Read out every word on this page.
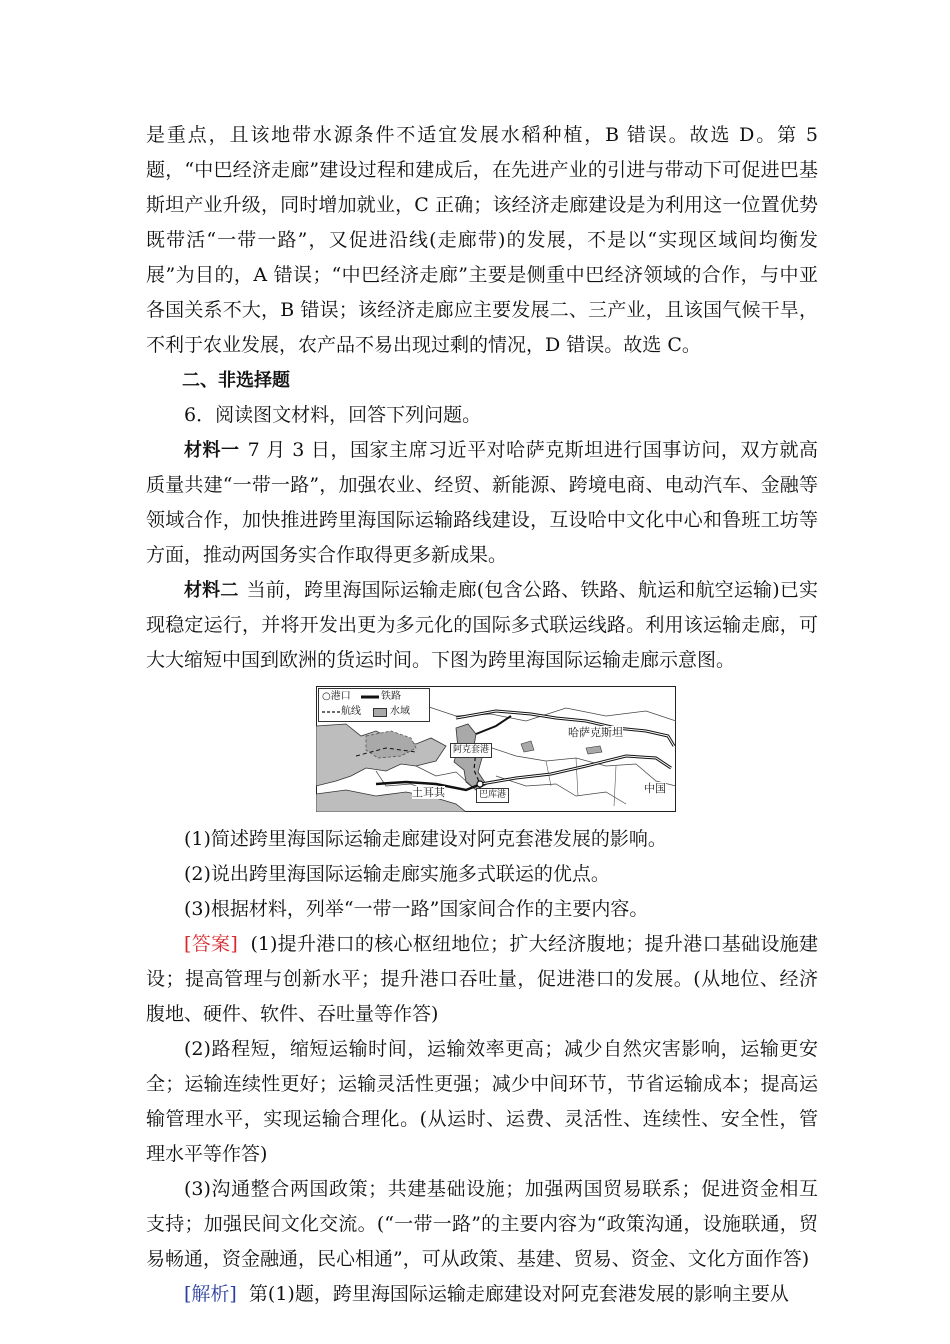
是重点，且该地带水源条件不适宜发展水稻种植，B 错误。故选 D。第 5 题，“中巴经济走廊”建设过程和建成后，在先进产业的引进与带动下可促进巴基斯坦产业升级，同时增加就业，C 正确；该经济走廊建设是为利用这一位置优势既带活“一带一路”，又促进沿线(走廊带)的发展，不是以“实现区域间均衡发展”为目的，A 错误；“中巴经济走廊”主要是侧重中巴经济领域的合作，与中亚各国关系不大，B 错误；该经济走廊应主要发展二、三产业，且该国气候干旱，不利于农业发展，农产品不易出现过剩的情况，D 错误。故选 C。

二、非选择题

6．阅读图文材料，回答下列问题。

材料一 7 月 3 日，国家主席习近平对哈萨克斯坦进行国事访问，双方就高质量共建“一带一路”，加强农业、经贸、新能源、跨境电商、电动汽车、金融等领域合作，加快推进跨里海国际运输路线建设，互设哈中文化中心和鲁班工坊等方面，推动两国务实合作取得更多新成果。

材料二 当前，跨里海国际运输走廊(包含公路、铁路、航运和航空运输)已实现稳定运行，并将开发出更为多元化的国际多式联运线路。利用该运输走廊，可大大缩短中国到欧洲的货运时间。下图为跨里海国际运输走廊示意图。

○港口	铁路
航线	水域
哈萨克斯坦
阿克套港
土耳其	巴库港	中国

(1)简述跨里海国际运输走廊建设对阿克套港发展的影响。

(2)说出跨里海国际运输走廊实施多式联运的优点。

(3)根据材料，列举“一带一路”国家间合作的主要内容。

[答案] (1)提升港口的核心枢纽地位；扩大经济腹地；提升港口基础设施建设；提高管理与创新水平；提升港口吞吐量，促进港口的发展。(从地位、经济腹地、硬件、软件、吞吐量等作答)

(2)路程短，缩短运输时间，运输效率更高；减少自然灾害影响，运输更安全；运输连续性更好；运输灵活性更强；减少中间环节，节省运输成本；提高运输管理水平，实现运输合理化。(从运时、运费、灵活性、连续性、安全性，管理水平等作答)

(3)沟通整合两国政策；共建基础设施；加强两国贸易联系；促进资金相互支持；加强民间文化交流。(“一带一路”的主要内容为“政策沟通，设施联通，贸易畅通，资金融通，民心相通”，可从政策、基建、贸易、资金、文化方面作答)

[解析] 第(1)题，跨里海国际运输走廊建设对阿克套港发展的影响主要从
